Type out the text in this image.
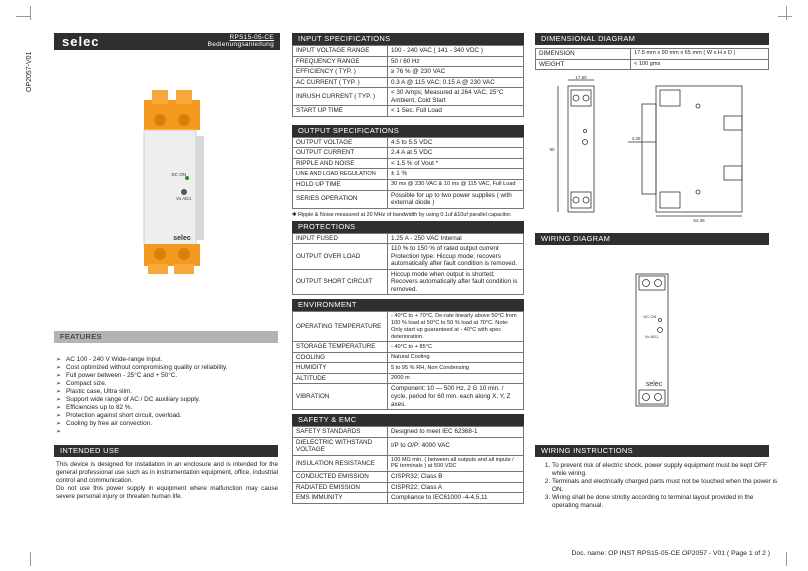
OP2057-V01
selec	RPS15-05-CE
Bedienungsanleitung
DC ON
Vo ADJ.
selec
FEATURES
➢ AC 100 - 240 V Wide-range Input.
➢ Cost optimized without compromising quality or reliability.
➢ Full power between - 25°C and + 50°C.
➢ Compact size.
➢ Plastic case, Ultra slim.
➢ Support wide range of AC / DC auxiliary supply.
➢ Efficiencies up to 82 %.
➢ Protection against short circuit, overload.
➢ Cooling by free air convection.
➢
INTENDED USE
This device is designed for installation in an enclosure and is intended for the general professional use such as in instrumentation equipment, office, industrial control and communication.
Do not use this power supply in equipment where malfunction may cause severe personal injury or threaten human life.
INPUT SPECIFICATIONS
INPUT VOLTAGE RANGE	100 - 240 VAC ( 141 - 340 VDC )
FREQUENCY RANGE	50 / 60 Hz
EFFICIENCY ( TYP. )	≥ 76 % @ 230 VAC
AC CURRENT ( TYP. )	0.3 A @ 115 VAC; 0.15 A @ 230 VAC
INRUSH CURRENT ( TYP. )	< 30 Amps; Measured at 264 VAC, 25°C Ambient, Cold Start
START UP TIME	< 1 Sec. Full Load
OUTPUT SPECIFICATIONS
OUTPUT VOLTAGE	4.5 to 5.5 VDC
OUTPUT CURRENT	2.4 A at 5 VDC
RIPPLE AND NOISE	< 1.5 % of Vout *
LINE AND LOAD REGULATION	± 1 %
HOLD UP TIME	30 ms @ 230 VAC & 10 ms @ 115 VAC, Full Load
SERIES OPERATION	Possible for up to two power supplies ( with external diode )
✱ Ripple & Noise measured at 20 MHz of bandwidth by using 0.1uf &10uf parallel capacitor.
PROTECTIONS
INPUT FUSED	1.25 A - 250 VAC Internal
OUTPUT OVER LOAD	110 % to 150 % of rated output current Protection type: Hiccup mode; recovers automatically after fault condition is removed.
OUTPUT SHORT CIRCUIT	Hiccup mode when output is shorted; Recovers automatically after fault condition is removed.
ENVIRONMENT
OPERATING TEMPERATURE	- 40°C to + 70°C. De-rate linearly above 50°C from 100 % load at 50°C to 50 % load at 70°C. Note: Only start up guaranteed at - 40°C with spec deterioration.
STORAGE TEMPERATURE	- 40°C to + 85°C
COOLING	Natural Cooling
HUMIDITY	5 to 95 % RH, Non Condensing
ALTITUDE	2000 m
VIBRATION	Component: 10 — 500 Hz, 2 G 10 min. / cycle, period for 60 min. each along X, Y, Z axes.
SAFETY & EMC
SAFETY STANDARDS	Designed to meet IEC 62368-1
DIELECTRIC WITHSTAND VOLTAGE	I/P to O/P: 4000 VAC
INSULATION RESISTANCE	100 MΩ min. ( between all outputs and all inputs / PE terminals ) at 500 VDC
CONDUCTED EMISSION	CISPR32; Class B
RADIATED EMISSION	CISPR22; Class A
EMS IMMUNITY	Compliance to IEC61000 -4-4,5,11
DIMENSIONAL DIAGRAM
DIMENSION	17.5 mm x 90 mm x 65 mm ( W x H x D )
WEIGHT	< 100 gms
17.50
90
4.30
64.35
WIRING DIAGRAM
DC ON
Vo ADJ.
selec
WIRING INSTRUCTIONS
1. To prevent risk of electric shock, power supply equipment must be kept OFF while wiring.
2. Terminals and electrically charged parts must not be touched when the power is ON.
3. Wiring shall be done strictly according to terminal layout provided in the operating manual.
Doc. name: OP INST RPS15-05-CE OP2057 - V01 ( Page 1 of 2 )
